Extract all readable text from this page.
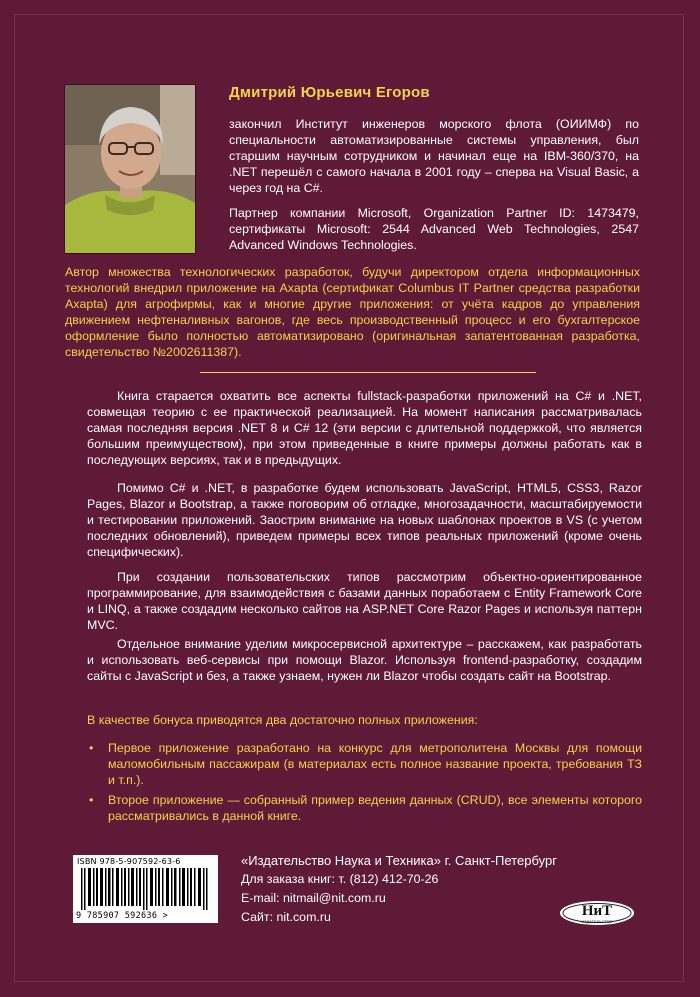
Дмитрий Юрьевич Егоров
закончил Институт инженеров морского флота (ОИИМФ) по специальности автоматизированные системы управления, был старшим научным сотрудником и начинал еще на IBM-360/370, на .NET перешёл с самого начала в 2001 году – сперва на Visual Basic, а через год на C#.
Партнер компании Microsoft, Organization Partner ID: 1473479, сертификаты Microsoft: 2544 Advanced Web Technologies, 2547 Advanced Windows Technologies.
Автор множества технологических разработок, будучи директором отдела информационных технологий внедрил приложение на Axapta (сертификат Columbus IT Partner средства разработки Axapta) для агрофирмы, как и многие другие приложения: от учёта кадров до управления движением нефтеналивных вагонов, где весь производственный процесс и его бухгалтерское оформление было полностью автоматизировано (оригинальная запатентованная разработка, свидетельство №2002611387).

Книга старается охватить все аспекты fullstack-разработки приложений на C# и .NET, совмещая теорию с ее практической реализацией. На момент написания рассматривалась самая последняя версия .NET 8 и C# 12 (эти версии с длительной поддержкой, что является большим преимуществом), при этом приведенные в книге примеры должны работать как в последующих версиях, так и в предыдущих.

Помимо C# и .NET, в разработке будем использовать JavaScript, HTML5, CSS3, Razor Pages, Blazor и Bootstrap, а также поговорим об отладке, многозадачности, масштабируемости и тестировании приложений. Заострим внимание на новых шаблонах проектов в VS (с учетом последних обновлений), приведем примеры всех типов реальных приложений (кроме очень специфических).

При создании пользовательских типов рассмотрим объектно-ориентированное программирование, для взаимодействия с базами данных поработаем с Entity Framework Core и LINQ, а также создадим несколько сайтов на ASP.NET Core Razor Pages и используя паттерн MVC.

Отдельное внимание уделим микросервисной архитектуре – расскажем, как разработать и использовать веб-сервисы при помощи Blazor. Используя frontend-разработку, создадим сайты с JavaScript и без, а также узнаем, нужен ли Blazor чтобы создать сайт на Bootstrap.

В качестве бонуса приводятся два достаточно полных приложения:
• Первое приложение разработано на конкурс для метрополитена Москвы для помощи маломобильным пассажирам (в материалах есть полное название проекта, требования ТЗ и т.п.).
• Второе приложение — собранный пример ведения данных (CRUD), все элементы которого рассматривались в данной книге.
ISBN 978-5-907592-63-6
9 785907 592636 >
«Издательство Наука и Техника» г. Санкт-Петербург
Для заказа книг: т. (812) 412-70-26
E-mail: nitmail@nit.com.ru
Сайт: nit.com.ru	НиТ
ИЗДАТЕЛЬСТВО
